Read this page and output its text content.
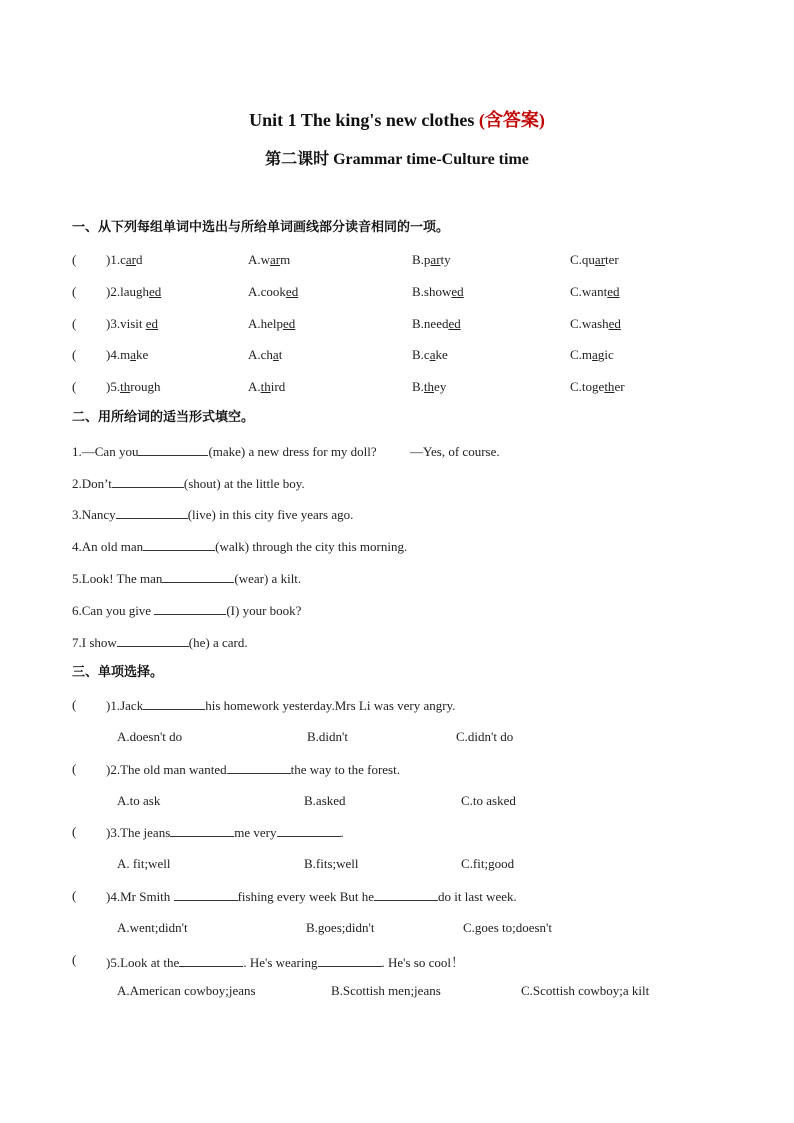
Unit 1 The king's new clothes (含答案)
第二课时 Grammar time-Culture time
一、从下列每组单词中选出与所给单词画线部分读音相同的一项。
( )1.card	A.warm	B.party	C.quarter
( )2.laughed	A.cooked	B.showed	C.wanted
( )3.visit ed	A.helped	B.needed	C.washed
( )4.make	A.chat	B.cake	C.magic
( )5.through	A.third	B.they	C.together
二、用所给词的适当形式填空。
1.—Can you	(make) a new dress for my doll?	—Yes, of course.
2.Don’t	(shout) at the little boy.
3.Nancy	(live) in this city five years ago.
4.An old man	(walk) through the city this morning.
5.Look! The man	(wear) a kilt.
6.Can you give	(I) your book?
7.I show	(he) a card.
三、单项选择。
( )1.Jack	his homework yesterday.Mrs Li was very angry.
A.doesn't do	B.didn't	C.didn't do
( )2.The old man wanted	the way to the forest.
A.to ask	B.asked	C.to asked
( )3.The jeans	me very	.
A. fit;well	B.fits;well	C.fit;good
( )4.Mr Smith	fishing every week But he	do it last week.
A.went;didn't	B.goes;didn't	C.goes to;doesn't
( )5.Look at the	. He's wearing	. He's so cool！
A.American cowboy;jeans	B.Scottish men;jeans	C.Scottish cowboy;a kilt
